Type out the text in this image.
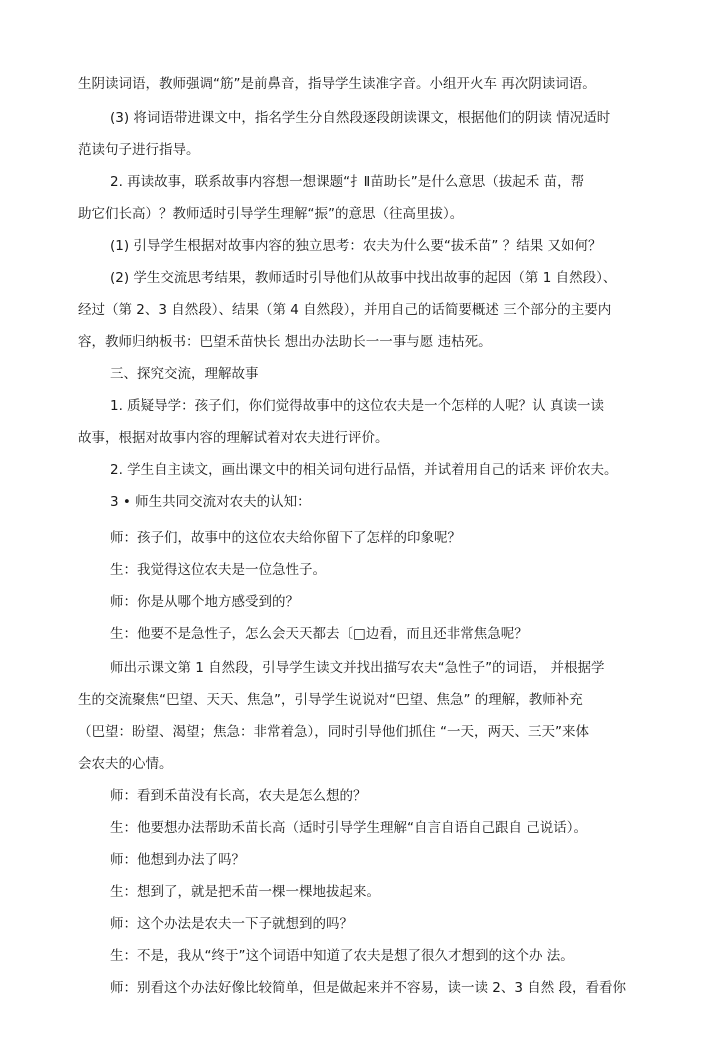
生阴读词语，教师强调“筋”是前鼻音，指导学生读准字音。小组开火车 再次阴读词语。
(3) 将词语带进课文中，指名学生分自然段逐段朗读课文，根据他们的阴读 情况适时
范读句子进行指导。
2. 再读故事，联系故事内容想一想课题“扌Ⅱ苗助长”是什么意思（拔起禾 苗，帮
助它们长高）？教师适时引导学生理解“振”的意思（往高里拔）。
(1) 引导学生根据对故事内容的独立思考：农夫为什么要“拔禾苗” ？结果 又如何？
(2) 学生交流思考结果，教师适时引导他们从故事中找出故事的起因（第 1 自然段）、
经过（第 2、3 自然段）、结果（第 4 自然段），并用自己的话简要概述 三个部分的主要内
容，教师归纳板书：巴望禾苗快长 想出办法助长一一事与愿 违枯死。
三、探究交流，理解故事
1. 质疑导学：孩子们，你们觉得故事中的这位农夫是一个怎样的人呢？认 真读一读
故事，根据对故事内容的理解试着对农夫进行评价。
2. 学生自主读文，画出课文中的相关词句进行品悟，并试着用自己的话来 评价农夫。
3 • 师生共同交流对农夫的认知：
师：孩子们，故事中的这位农夫给你留下了怎样的印象呢？
生：我觉得这位农夫是一位急性子。
师：你是从哪个地方感受到的？
生：他要不是急性子，怎么会天天都去〔□边看，而且还非常焦急呢？
师出示课文第 1 自然段，引导学生读文并找出描写农夫“急性子”的词语， 并根据学
生的交流聚焦“巴望、天天、焦急”，引导学生说说对“巴望、焦急” 的理解，教师补充
（巴望：盼望、渴望；焦急：非常着急），同时引导他们抓住 “一天，两天、三天”来体
会农夫的心情。
师：看到禾苗没有长高，农夫是怎么想的？
生：他要想办法帮助禾苗长高（适时引导学生理解“自言自语自己跟自 己说话）。
师：他想到办法了吗？
生：想到了，就是把禾苗一棵一棵地拔起来。
师：这个办法是农夫一下子就想到的吗？
生：不是，我从“终于”这个词语中知道了农夫是想了很久才想到的这个办 法。
师：别看这个办法好像比较简单，但是做起来并不容易，读一读 2、3 自然 段，看看你
